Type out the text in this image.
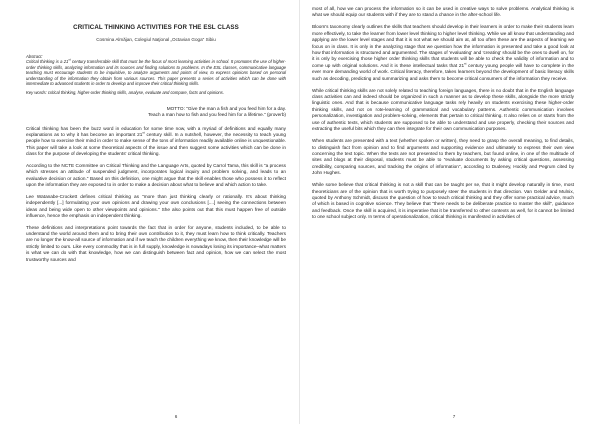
CRITICAL THINKING ACTIVITIES FOR THE ESL CLASS
Cosmina Almăjan, Colegiul Naţional „Octavian Goga" Sibiu
Abstract:

Critical thinking is a 21st century transferrable skill that must be the focus of most learning activities in school. It promotes the use of higher-order thinking skills, analyzing information and its sources and finding solutions to problems. In the ESL classes, communicative language teaching must encourage students to be inquisitive, to analyze arguments and points of view, to express opinions based on personal understanding of the information they obtain from various sources. This paper presents a series of activities which can be done with intermediate to advanced students in order to develop and improve their critical thinking skills.

Key words: critical thinking, higher-order thinking skills, analyse, evaluate and compare, facts and opinions.

MOTTO: "Give the man a fish and you feed him for a day.
Teach a man how to fish and you feed him for a lifetime." (proverb)

Critical thinking has been the buzz word in education for some time now, with a myriad of definitions and equally many explanations as to why it has become an important 21st century skill. In a nutshell, however, the necessity to teach young people how to exercise their mind in order to make sense of the tons of information readily available online is unquestionable. This paper will take a look at some theoretical aspects of the issue and then suggest some activities which can be done in class for the purpose of developing the students' critical thinking.

According to the NCTE Committee on Critical Thinking and the Language Arts, quoted by Carrol Tama, this skill is "a process which stresses an attitude of suspended judgment, incorporates logical inquiry and problem solving, and leads to an evaluative decision or action." Based on this definition, one might argue that the skill enables those who possess it to reflect upon the information they are exposed to in order to make a decision about what to believe and which action to take.

Lee Watanabe-Crockett defines critical thinking as "more than just thinking clearly or rationally. It's about thinking independently [...] formulating your own opinions and drawing your own conclusions [....] seeing the connections between ideas and being wide open to other viewpoints and opinions." She also points out that this must happen free of outside influence, hence the emphasis on independent thinking.

These definitions and interpretations point towards the fact that in order for anyone, students included, to be able to understand the world around them and to bring their own contribution to it, they must learn how to think critically. Teachers are no longer the know-all source of information and if we teach the children everything we know, then their knowledge will be strictly limited to ours. Like every commodity that is in full supply, knowledge is nowadays losing its importance–what matters is what we can do with that knowledge, how we can distinguish between fact and opinion, how we can select the most trustworthy sources and

6

most of all, how we can process the information so it can be used in creative ways to solve problems. Analytical thinking is what we should equip our students with if they are to stand a chance in the after-school life.

Bloom's taxonomy clearly outlines the skills that teachers should develop in their learners in order to make their students learn more effectively, to take the learner from lower level thinking to higher level thinking. While we all know that understanding and applying are the lower level stages and that it is not what we should aim at, all too often these are the aspects of learning we focus on in class. It is only in the analyzing stage that we question how the information is presented and take a good look at how that information is structured and argumented. The stages of 'evaluating' and 'creating' should be the ones to dwell on, for it is only by exercising those higher order thinking skills that students will be able to check the validity of information and to come up with original solutions. And it is these intellectual tasks that 21st century young people will have to complete in the ever more demanding world of work. Critical literacy, therefore, takes learners beyond the development of basic literacy skills such as decoding, predicting and summarizing and asks them to become critical consumers of the information they receive.

While critical thinking skills are not solely related to teaching foreign languages, there is no doubt that in the English language class activities can and indeed should be organized in such a manner as to develop these skills, alongside the more strictly linguistic ones. And that is because communicative language tasks rely heavily on students exercising these higher-order thinking skills, and not on rote-learning of grammatical and vocabulary patterns. Authentic communication involves personalization, investigation and problem-solving, elements that pertain to critical thinking. It also relies on or starts from the use of authentic texts, which students are supposed to be able to understand and use properly, checking their sources and extracting the useful bits which they can then integrate for their own communication purposes.

When students are presented with a text (whether spoken or written), they need to grasp the overall meaning, to find details, to distinguish fact from opinion and to find arguments and supporting evidence and ultimately to express their own view concerning the text topic. When the texts are not presented to them by teachers, but found online, in one of the multitude of sites and blogs at their disposal, students must be able to "evaluate documents by asking critical questions, assessing credibility, comparing sources, and tracking the origins of information", according to Dudeney, Hockly and Pegrum cited by John Hughes.

While some believe that critical thinking is not a skill that can be taught per se, that it might develop naturally in time, most theoreticians are of the opinion that is worth trying to purposely steer the students in that direction. Van Gelder and Mulnix, quoted by Anthony Schmidt, discuss the question of how to teach critical thinking and they offer some practical advice, much of which is based in cognitive science. They believe that "there needs to be deliberate practice to master the skill", guidance and feedback. Once the skill is acquired, it is imperative that it be transferred to other contexts as well, for it cannot be limited to one school subject only. In terms of operationalization, critical thinking is manifested in activities of

7
